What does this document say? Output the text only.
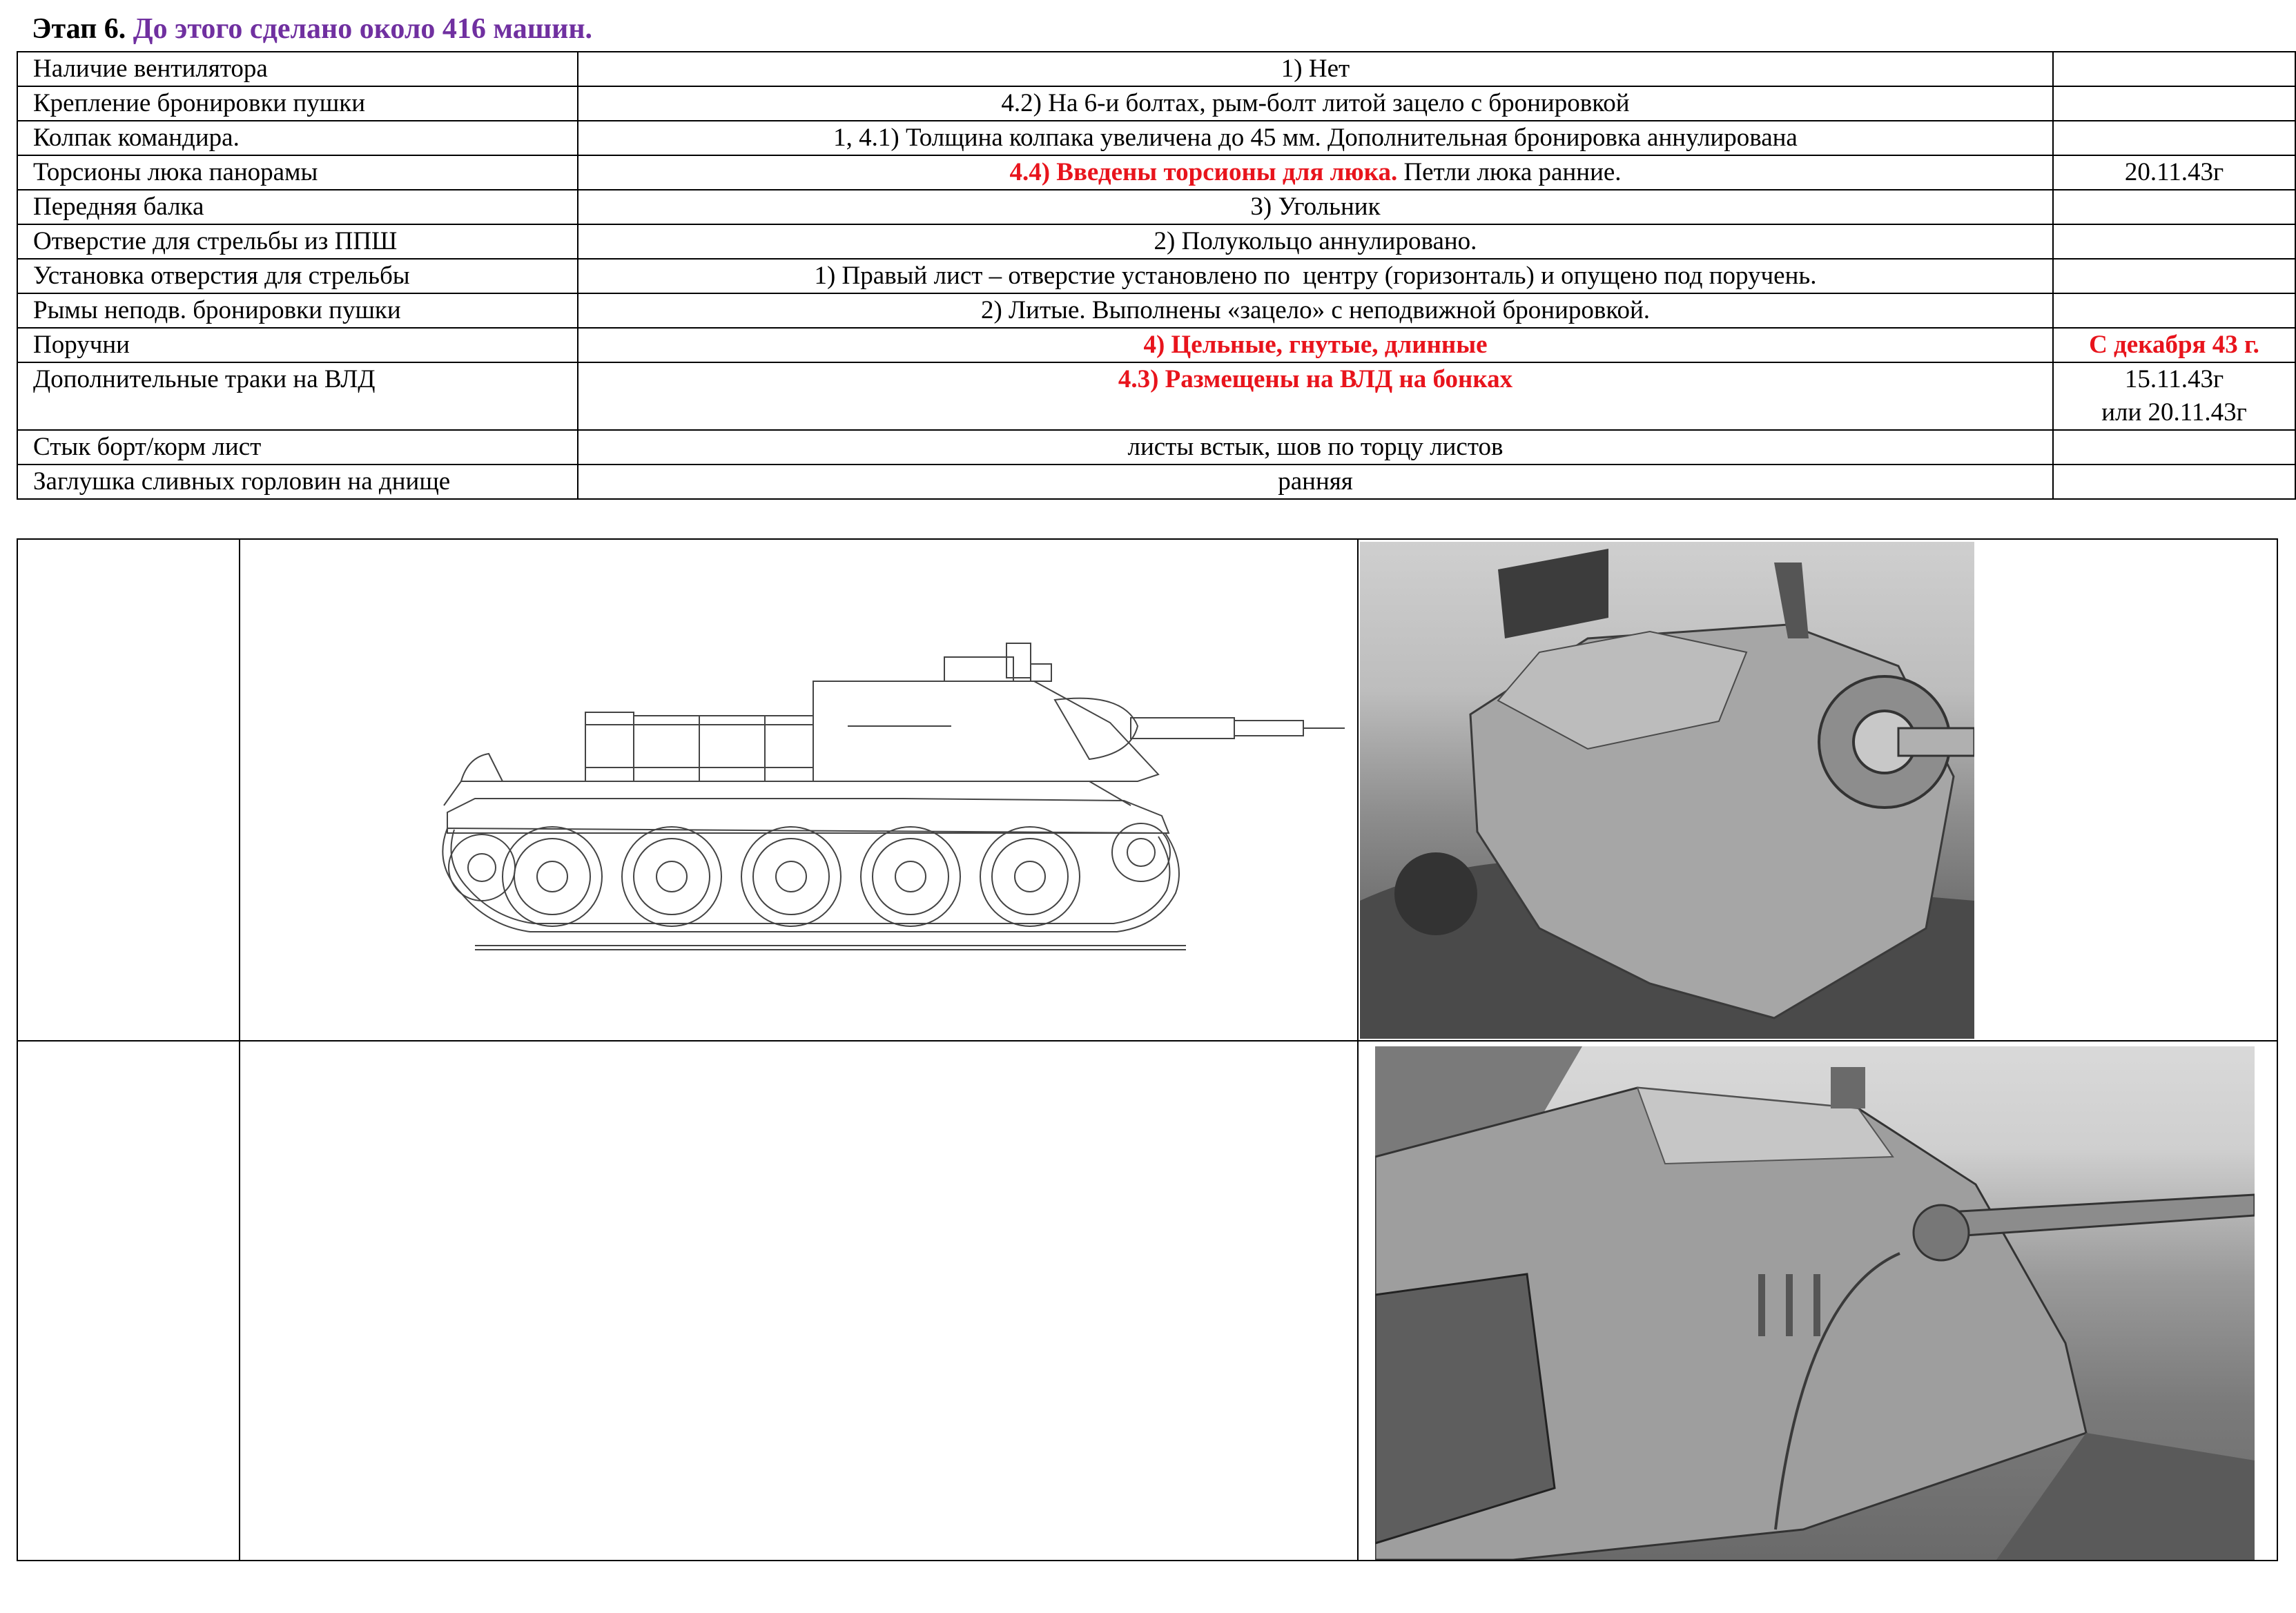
Этап 6. До этого сделано около 416 машин.
Наличие вентилятора	1) Нет	

Крепление бронировки пушки	4.2) На 6-и болтах, рым-болт литой зацело с бронировкой	

Колпак командира.	1, 4.1) Толщина колпака увеличена до 45 мм. Дополнительная бронировка аннулирована	

Торсионы люка панорамы	4.4) Введены торсионы для люка. Петли люка ранние.	20.11.43г

Передняя балка	3) Угольник	

Отверстие для стрельбы из ППШ	2) Полукольцо аннулировано.	

Установка отверстия для стрельбы	1) Правый лист – отверстие установлено по  центру (горизонталь) и опущено под поручень.	

Рымы неподв. бронировки пушки	2) Литые. Выполнены «зацело» с неподвижной бронировкой.	

Поручни	4) Цельные, гнутые, длинные	С декабря 43 г.

Дополнительные траки на ВЛД	4.3) Размещены на ВЛД на бонках	15.11.43г
или 20.11.43г

Стык борт/корм лист	листы встык, шов по торцу листов	

Заглушка сливных горловин на днище	ранняя	
